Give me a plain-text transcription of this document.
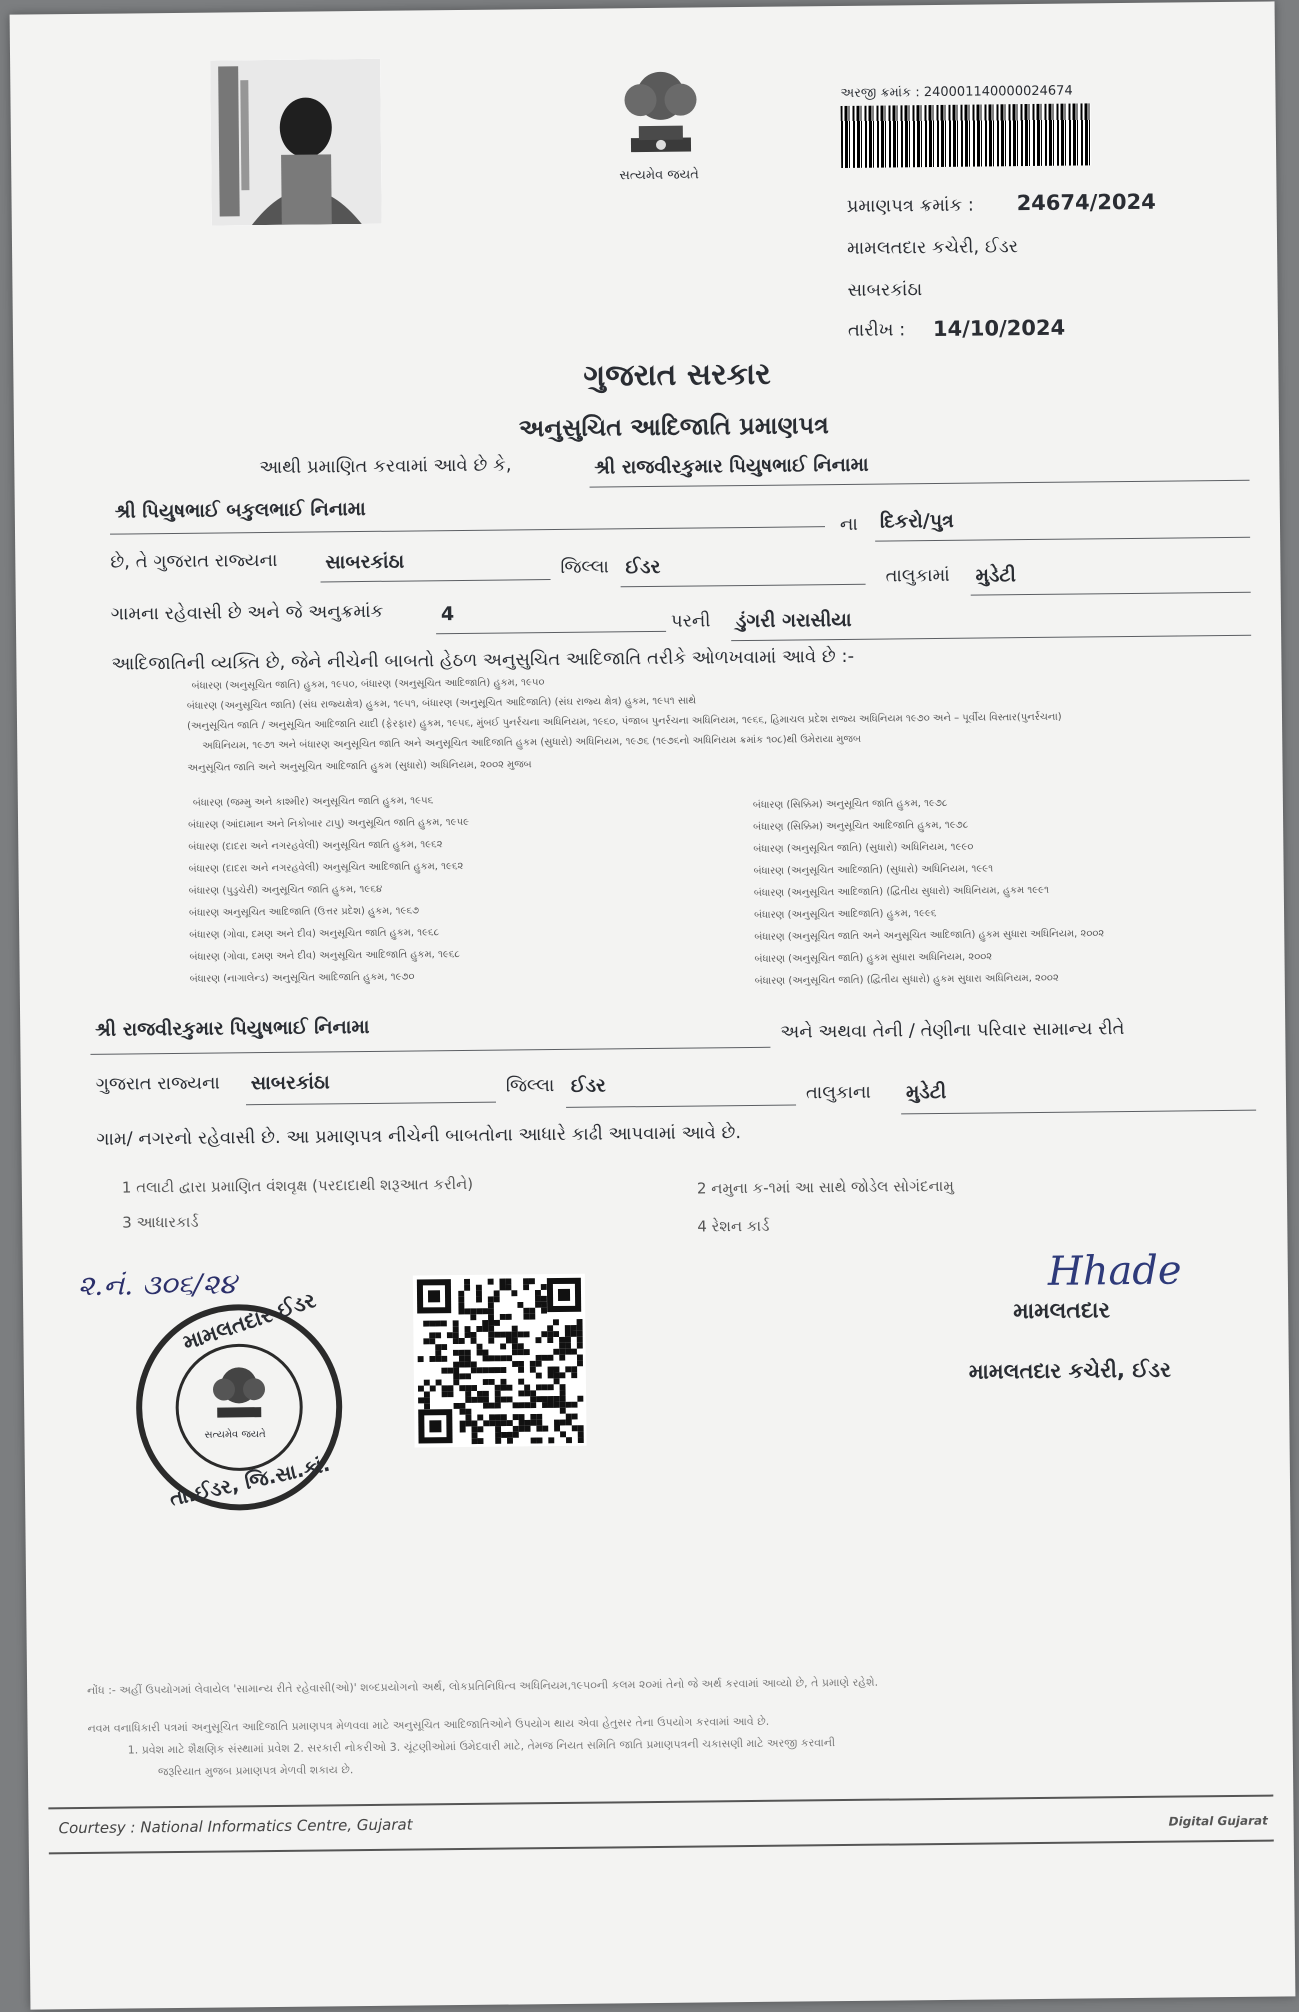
સત્યમેવ જયતે
અરજી ક્રમાંક : 240001140000024674
પ્રમાણપત્ર ક્રમાંક : 24674/2024
મામલતદાર કચેરી, ઈડર
સાબરકાંઠા
તારીખ : 14/10/2024
ગુજરાત સરકાર
અનુસુચિત આદિજાતિ પ્રમાણપત્ર
આથી પ્રમાણિત કરવામાં આવે છે કે,	શ્રી રાજવીરકુમાર પિયુષભાઈ નિનામા
શ્રી પિયુષભાઈ બકુલભાઈ નિનામા
ના દિકરો/પુત્ર
છે, તે ગુજરાત રાજ્યના	સાબરકાંઠા	જિલ્લા ઈડર	તાલુકામાં મુડેટી
ગામના રહેવાસી છે અને જે અનુક્રમાંક	4	પરની ડુંગરી ગરાસીયા
આદિજાતિની વ્યક્તિ છે, જેને નીચેની બાબતો હેઠળ અનુસુચિત આદિજાતિ તરીકે ઓળખવામાં આવે છે :-
બંધારણ (અનુસૂચિત જાતિ) હુકમ, ૧૯૫૦, બંધારણ (અનુસૂચિત આદિજાતિ) હુકમ, ૧૯૫૦
બંધારણ (અનુસૂચિત જાતિ) (સંઘ રાજ્યક્ષેત્ર) હુકમ, ૧૯૫૧, બંધારણ (અનુસૂચિત આદિજાતિ) (સંઘ રાજ્ય ક્ષેત્ર) હુકમ, ૧૯૫૧ સાથે
(અનુસૂચિત જાતિ / અનુસૂચિત આદિજાતિ યાદી (ફેરફાર) હુકમ, ૧૯૫૬, મુંબઈ પુનર્રચના અધિનિયમ, ૧૯૬૦, પંજાબ પુનર્રચના અધિનિયમ, ૧૯૬૬, હિમાચલ પ્રદેશ રાજ્ય અધિનિયમ ૧૯૭૦ અને – પૂર્વીય વિસ્તાર(પુનર્રચના)
અધિનિયમ, ૧૯૭૧ અને બંધારણ અનુસૂચિત જાતિ અને અનુસૂચિત આદિજાતિ હુકમ (સુધારો) અધિનિયમ, ૧૯૭૬ (૧૯૭૬નો અધિનિયમ ક્રમાંક ૧૦૮)થી ઉમેરાયા મુજબ
અનુસૂચિત જાતિ અને અનુસૂચિત આદિજાતિ હુકમ (સુધારો) અધિનિયમ, ૨૦૦૨ મુજબ
બંધારણ (જમ્મુ અને કાશ્મીર) અનુસૂચિત જાતિ હુકમ, ૧૯૫૬
બંધારણ (આંદામાન અને નિકોબાર ટાપુ) અનુસૂચિત જાતિ હુકમ, ૧૯૫૯
બંધારણ (દાદરા અને નગરહવેલી) અનુસૂચિત જાતિ હુકમ, ૧૯૬૨
બંધારણ (દાદરા અને નગરહવેલી) અનુસૂચિત આદિજાતિ હુકમ, ૧૯૬૨
બંધારણ (પુડુચેરી) અનુસૂચિત જાતિ હુકમ, ૧૯૬૪
બંધારણ અનુસૂચિત આદિજાતિ (ઉત્તર પ્રદેશ) હુકમ, ૧૯૬૭
બંધારણ (ગોવા, દમણ અને દીવ) અનુસૂચિત જાતિ હુકમ, ૧૯૬૮
બંધારણ (ગોવા, દમણ અને દીવ) અનુસૂચિત આદિજાતિ હુકમ, ૧૯૬૮
બંધારણ (નાગાલેન્ડ) અનુસૂચિત આદિજાતિ હુકમ, ૧૯૭૦
બંધારણ (સિક્કિમ) અનુસૂચિત જાતિ હુકમ, ૧૯૭૮
બંધારણ (સિક્કિમ) અનુસૂચિત આદિજાતિ હુકમ, ૧૯૭૮
બંધારણ (અનુસૂચિત જાતિ) (સુધારો) અધિનિયમ, ૧૯૯૦
બંધારણ (અનુસૂચિત આદિજાતિ) (સુધારો) અધિનિયમ, ૧૯૯૧
બંધારણ (અનુસૂચિત આદિજાતિ) (દ્વિતીય સુધારો) અધિનિયમ, હુકમ ૧૯૯૧
બંધારણ (અનુસૂચિત આદિજાતિ) હુકમ, ૧૯૯૬
બંધારણ (અનુસૂચિત જાતિ અને અનુસૂચિત આદિજાતિ) હુકમ સુધારા અધિનિયમ, ૨૦૦૨
બંધારણ (અનુસૂચિત જાતિ) હુકમ સુધારા અધિનિયમ, ૨૦૦૨
બંધારણ (અનુસૂચિત જાતિ) (દ્વિતીય સુધારો) હુકમ સુધારા અધિનિયમ, ૨૦૦૨
શ્રી રાજવીરકુમાર પિયુષભાઈ નિનામા	અને અથવા તેની / તેણીના પરિવાર સામાન્ય રીતે
ગુજરાત રાજ્યના સાબરકાંઠા	જિલ્લા ઈડર	તાલુકાના મુડેટી
ગામ/ નગરનો રહેવાસી છે. આ પ્રમાણપત્ર નીચેની બાબતોના આધારે કાઢી આપવામાં આવે છે.
1 તલાટી દ્વારા પ્રમાણિત વંશવૃક્ષ (પરદાદાથી શરૂઆત કરીને)	2 નમુના ક-૧માં આ સાથે જોડેલ સોગંદનામુ
3 આધારકાર્ડ	4 રેશન કાર્ડ
૨.નં. ૩૦૬/૨૪
મામલતદાર ઈડર
સત્યમેવ જયતે
તા.ઈડર, જિ.સા.કાં.
Hhade
મામલતદાર
મામલતદાર કચેરી, ઈડર
નોંધ :- અહીં ઉપયોગમાં લેવાયેલ 'સામાન્ય રીતે રહેવાસી(ઓ)' શબ્દપ્રયોગનો અર્થ, લોકપ્રતિનિધિત્વ અધિનિયમ,૧૯૫૦ની કલમ ૨૦માં તેનો જે અર્થ કરવામાં આવ્યો છે, તે પ્રમાણે રહેશે.
નવમ વનાધિકારી પત્રમાં અનુસૂચિત આદિજાતિ પ્રમાણપત્ર મેળવવા માટે અનુસૂચિત આદિજાતિઓને ઉપયોગ થાય એવા હેતુસર તેના ઉપયોગ કરવામાં આવે છે.
1. પ્રવેશ માટે શૈક્ષણિક સંસ્થામાં પ્રવેશ 2. સરકારી નોકરીઓ 3. ચૂંટણીઓમાં ઉમેદવારી માટે, તેમજ નિયત સમિતિ જાતિ પ્રમાણપત્રની ચકાસણી માટે અરજી કરવાની
જરૂરિયાત મુજબ પ્રમાણપત્ર મેળવી શકાય છે.
Courtesy : National Informatics Centre, Gujarat	Digital Gujarat
